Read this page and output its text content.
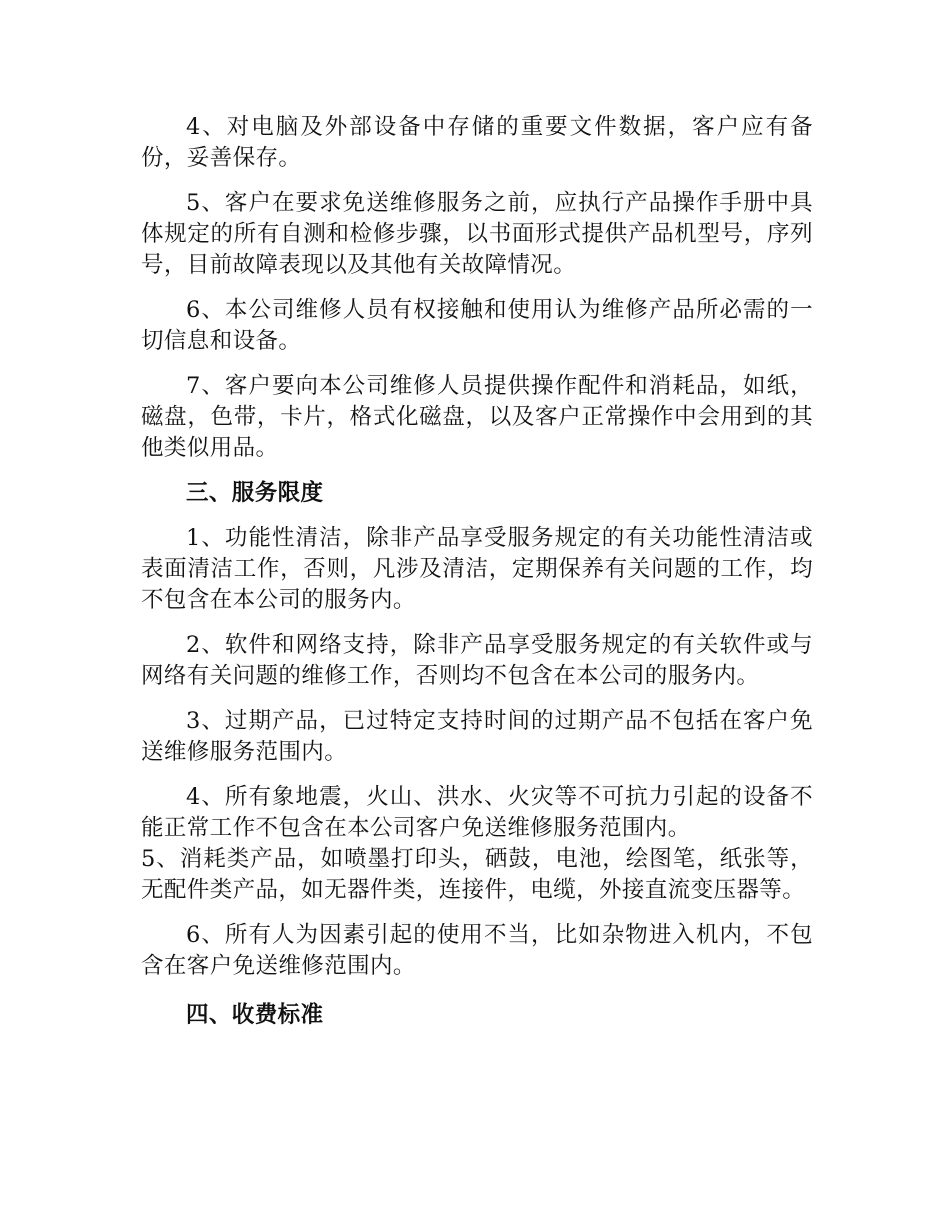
4、对电脑及外部设备中存储的重要文件数据，客户应有备份，妥善保存。

5、客户在要求免送维修服务之前，应执行产品操作手册中具体规定的所有自测和检修步骤，以书面形式提供产品机型号，序列号，目前故障表现以及其他有关故障情况。

6、本公司维修人员有权接触和使用认为维修产品所必需的一切信息和设备。

7、客户要向本公司维修人员提供操作配件和消耗品，如纸，磁盘，色带，卡片，格式化磁盘，以及客户正常操作中会用到的其他类似用品。

三、服务限度

1、功能性清洁，除非产品享受服务规定的有关功能性清洁或表面清洁工作，否则，凡涉及清洁，定期保养有关问题的工作，均不包含在本公司的服务内。

2、软件和网络支持，除非产品享受服务规定的有关软件或与网络有关问题的维修工作，否则均不包含在本公司的服务内。

3、过期产品，已过特定支持时间的过期产品不包括在客户免送维修服务范围内。

4、所有象地震，火山、洪水、火灾等不可抗力引起的设备不能正常工作不包含在本公司客户免送维修服务范围内。

5、消耗类产品，如喷墨打印头，硒鼓，电池，绘图笔，纸张等，无配件类产品，如无器件类，连接件，电缆，外接直流变压器等。

6、所有人为因素引起的使用不当，比如杂物进入机内，不包含在客户免送维修范围内。

四、收费标准
